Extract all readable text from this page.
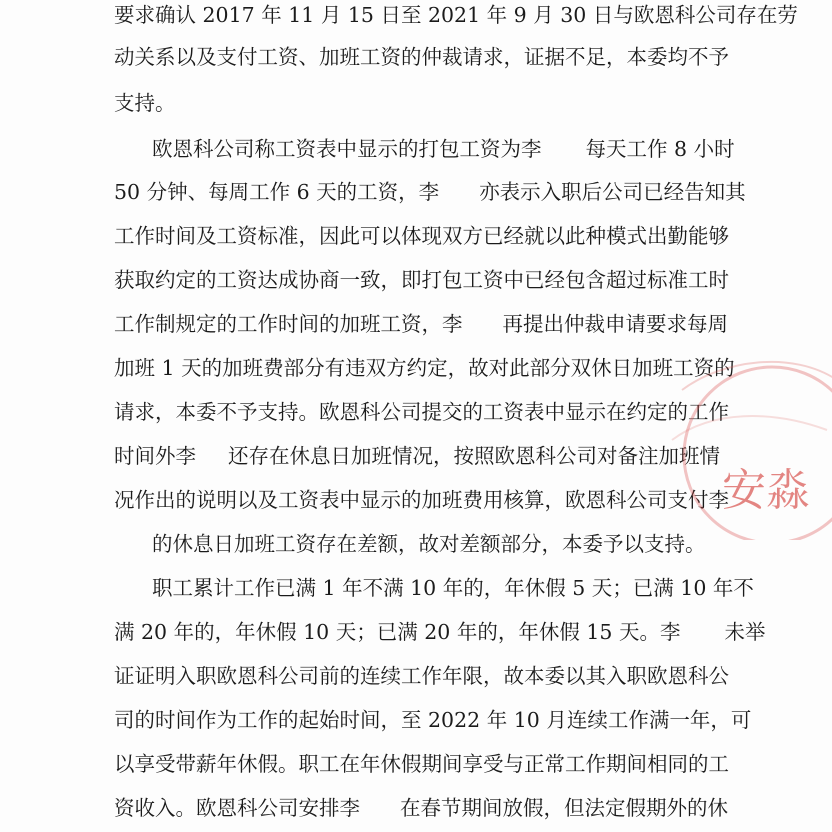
要求确认 2017 年 11 月 15 日至 2021 年 9 月 30 日与欧恩科公司存在劳
动关系以及支付工资、加班工资的仲裁请求，证据不足，本委均不予
支持。
欧恩科公司称工资表中显示的打包工资为李 每天工作 8 小时
50 分钟、每周工作 6 天的工资，李 亦表示入职后公司已经告知其
工作时间及工资标准，因此可以体现双方已经就以此种模式出勤能够
获取约定的工资达成协商一致，即打包工资中已经包含超过标准工时
工作制规定的工作时间的加班工资，李 再提出仲裁申请要求每周
加班 1 天的加班费部分有违双方约定，故对此部分双休日加班工资的
请求，本委不予支持。欧恩科公司提交的工资表中显示在约定的工作
时间外李 还存在休息日加班情况，按照欧恩科公司对备注加班情
况作出的说明以及工资表中显示的加班费用核算，欧恩科公司支付李
的休息日加班工资存在差额，故对差额部分，本委予以支持。
职工累计工作已满 1 年不满 10 年的，年休假 5 天；已满 10 年不
满 20 年的，年休假 10 天；已满 20 年的，年休假 15 天。李 未举
证证明入职欧恩科公司前的连续工作年限，故本委以其入职欧恩科公
司的时间作为工作的起始时间，至 2022 年 10 月连续工作满一年，可
以享受带薪年休假。职工在年休假期间享受与正常工作期间相同的工
资收入。欧恩科公司安排李 在春节期间放假，但法定假期外的休
安淼
